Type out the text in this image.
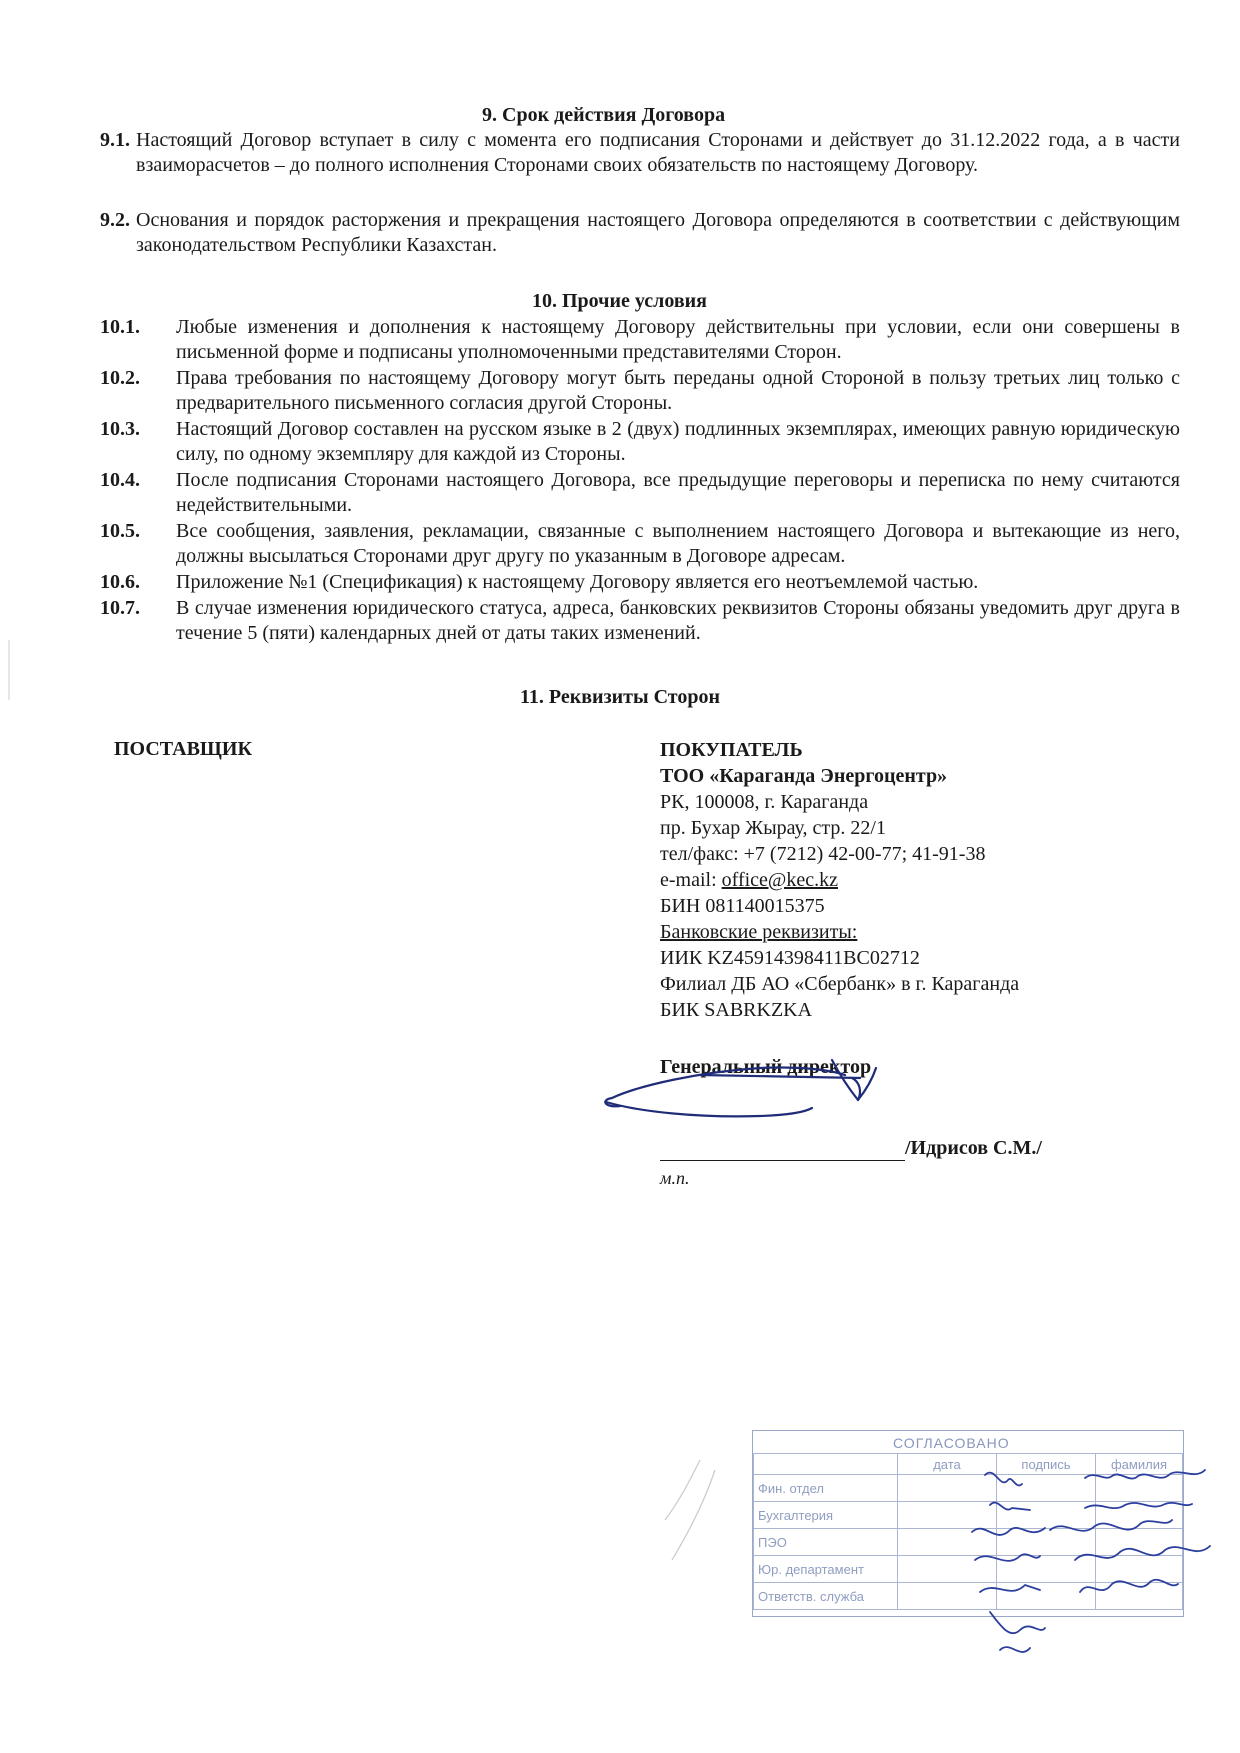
9. Срок действия Договора
9.1. Настоящий Договор вступает в силу с момента его подписания Сторонами и действует до 31.12.2022 года, а в части взаиморасчетов – до полного исполнения Сторонами своих обязательств по настоящему Договору.
9.2. Основания и порядок расторжения и прекращения настоящего Договора определяются в соответствии с действующим законодательством Республики Казахстан.
10. Прочие условия
10.1. Любые изменения и дополнения к настоящему Договору действительны при условии, если они совершены в письменной форме и подписаны уполномоченными представителями Сторон.
10.2. Права требования по настоящему Договору могут быть переданы одной Стороной в пользу третьих лиц только с предварительного письменного согласия другой Стороны.
10.3. Настоящий Договор составлен на русском языке в 2 (двух) подлинных экземплярах, имеющих равную юридическую силу, по одному экземпляру для каждой из Стороны.
10.4. После подписания Сторонами настоящего Договора, все предыдущие переговоры и переписка по нему считаются недействительными.
10.5. Все сообщения, заявления, рекламации, связанные с выполнением настоящего Договора и вытекающие из него, должны высылаться Сторонами друг другу по указанным в Договоре адресам.
10.6. Приложение №1 (Спецификация) к настоящему Договору является его неотъемлемой частью.
10.7. В случае изменения юридического статуса, адреса, банковских реквизитов Стороны обязаны уведомить друг друга в течение 5 (пяти) календарных дней от даты таких изменений.
11. Реквизиты Сторон
ПОСТАВЩИК	ПОКУПАТЕЛЬ
ТОО «Караганда Энергоцентр»
РК, 100008, г. Караганда
пр. Бухар Жырау, стр. 22/1
тел/факс: +7 (7212) 42-00-77; 41-91-38
e-mail: office@kec.kz
БИН 081140015375
Банковские реквизиты:
ИИК KZ45914398411BC02712
Филиал ДБ АО «Сбербанк» в г. Караганда
БИК SABRKZKA
Генеральный директор
/Идрисов С.М./
м.п.
СОГЛАСОВАНО
	дата	подпись	фамилия
Фин. отдел			
Бухгалтерия			
ПЭО			
Юр. департамент			
Ответств. служба			
